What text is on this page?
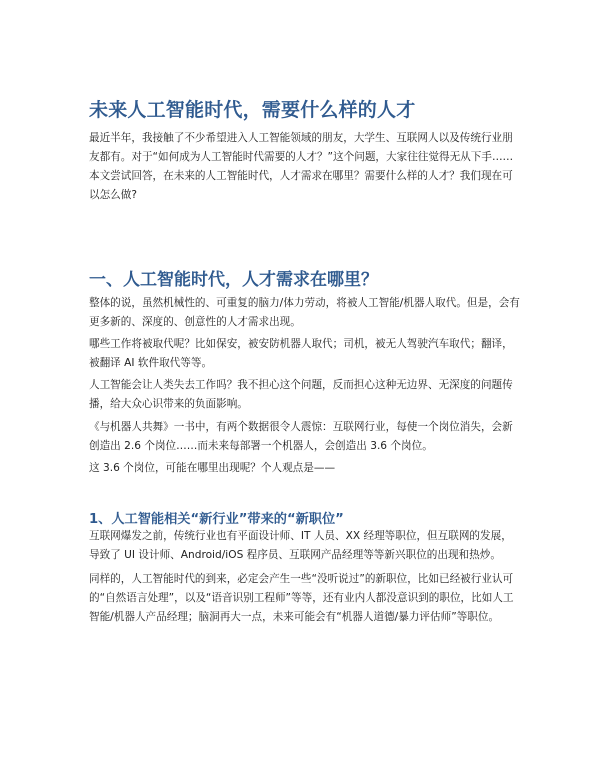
未来人工智能时代，需要什么样的人才

最近半年，我接触了不少希望进入人工智能领域的朋友，大学生、互联网人以及传统行业朋友都有。对于“如何成为人工智能时代需要的人才？”这个问题，大家往往觉得无从下手……本文尝试回答，在未来的人工智能时代，人才需求在哪里？需要什么样的人才？我们现在可以怎么做?

一、人工智能时代，人才需求在哪里？

整体的说，虽然机械性的、可重复的脑力/体力劳动，将被人工智能/机器人取代。但是，会有更多新的、深度的、创意性的人才需求出现。

哪些工作将被取代呢？比如保安，被安防机器人取代；司机，被无人驾驶汽车取代；翻译，被翻译 AI 软件取代等等。

人工智能会让人类失去工作吗？我不担心这个问题，反而担心这种无边界、无深度的问题传播，给大众心识带来的负面影响。

《与机器人共舞》一书中，有两个数据很令人震惊：互联网行业，每使一个岗位消失，会新创造出 2.6 个岗位……而未来每部署一个机器人，会创造出 3.6 个岗位。

这 3.6 个岗位，可能在哪里出现呢？个人观点是——

1、人工智能相关“新行业”带来的“新职位”

互联网爆发之前，传统行业也有平面设计师、IT 人员、XX 经理等职位，但互联网的发展，导致了 UI 设计师、Android/iOS 程序员、互联网产品经理等等新兴职位的出现和热炒。

同样的，人工智能时代的到来，必定会产生一些“没听说过”的新职位，比如已经被行业认可的“自然语言处理”，以及“语音识别工程师”等等，还有业内人都没意识到的职位，比如人工智能/机器人产品经理；脑洞再大一点，未来可能会有“机器人道德/暴力评估师”等职位。
